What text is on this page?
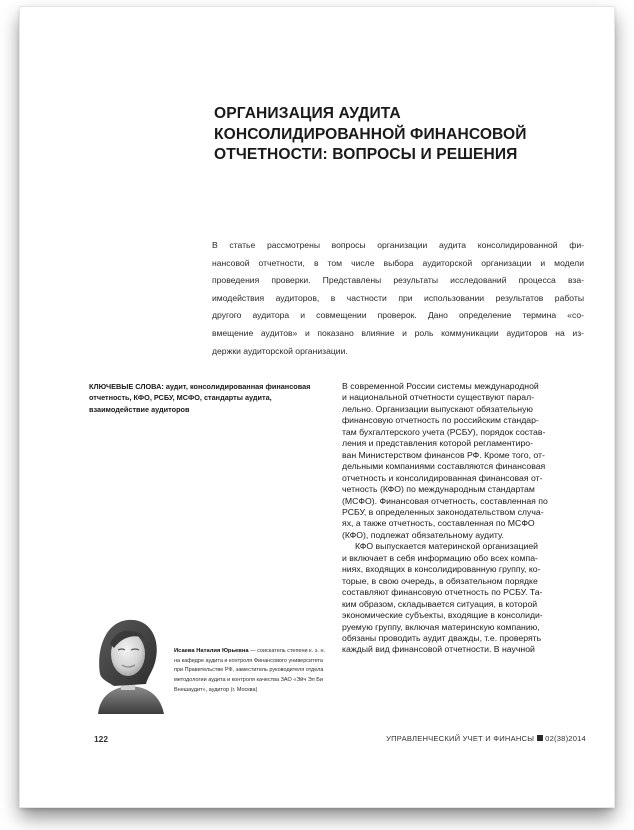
ОРГАНИЗАЦИЯ АУДИТА
КОНСОЛИДИРОВАННОЙ ФИНАНСОВОЙ
ОТЧЕТНОСТИ: ВОПРОСЫ И РЕШЕНИЯ
В статье рассмотрены вопросы организации аудита консолидированной фи-
нансовой отчетности, в том числе выбора аудиторской организации и модели
проведения проверки. Представлены результаты исследований процесса вза-
имодействия аудиторов, в частности при использовании результатов работы
другого аудитора и совмещении проверок. Дано определение термина «со-
вмещение аудитов» и показано влияние и роль коммуникации аудиторов на из-
держки аудиторской организации.
КЛЮЧЕВЫЕ СЛОВА: аудит, консолидированная финансовая
отчетность, КФО, РСБУ, МСФО, стандарты аудита,
взаимодействие аудиторов
В современной России системы международной
и национальной отчетности существуют парал-
лельно. Организации выпускают обязательную
финансовую отчетность по российским стандар-
там бухгалтерского учета (РСБУ), порядок состав-
ления и представления которой регламентиро-
ван Министерством финансов РФ. Кроме того, от-
дельными компаниями составляются финансовая
отчетность и консолидированная финансовая от-
четность (КФО) по международным стандартам
(МСФО). Финансовая отчетность, составленная по
РСБУ, в определенных законодательством случа-
ях, а также отчетность, составленная по МСФО
(КФО), подлежат обязательному аудиту.
КФО выпускается материнской организацией
и включает в себя информацию обо всех компа-
ниях, входящих в консолидированную группу, ко-
торые, в свою очередь, в обязательном порядке
составляют финансовую отчетность по РСБУ. Та-
ким образом, складывается ситуация, в которой
экономические субъекты, входящие в консолиди-
руемую группу, включая материнскую компанию,
обязаны проводить аудит дважды, т.е. проверять
каждый вид финансовой отчетности. В научной
Исаева Наталия Юрьевна — соискатель степени к. э. н.
на кафедре аудита и контроля Финансового университета
при Правительстве РФ, заместитель руководителя отдела
методологии аудита и контроля качества ЗАО «Эйч Эл Би
Внешаудит», аудитор (г. Москва)
122	УПРАВЛЕНЧЕСКИЙ УЧЕТ И ФИНАНСЫ 02(38)2014
